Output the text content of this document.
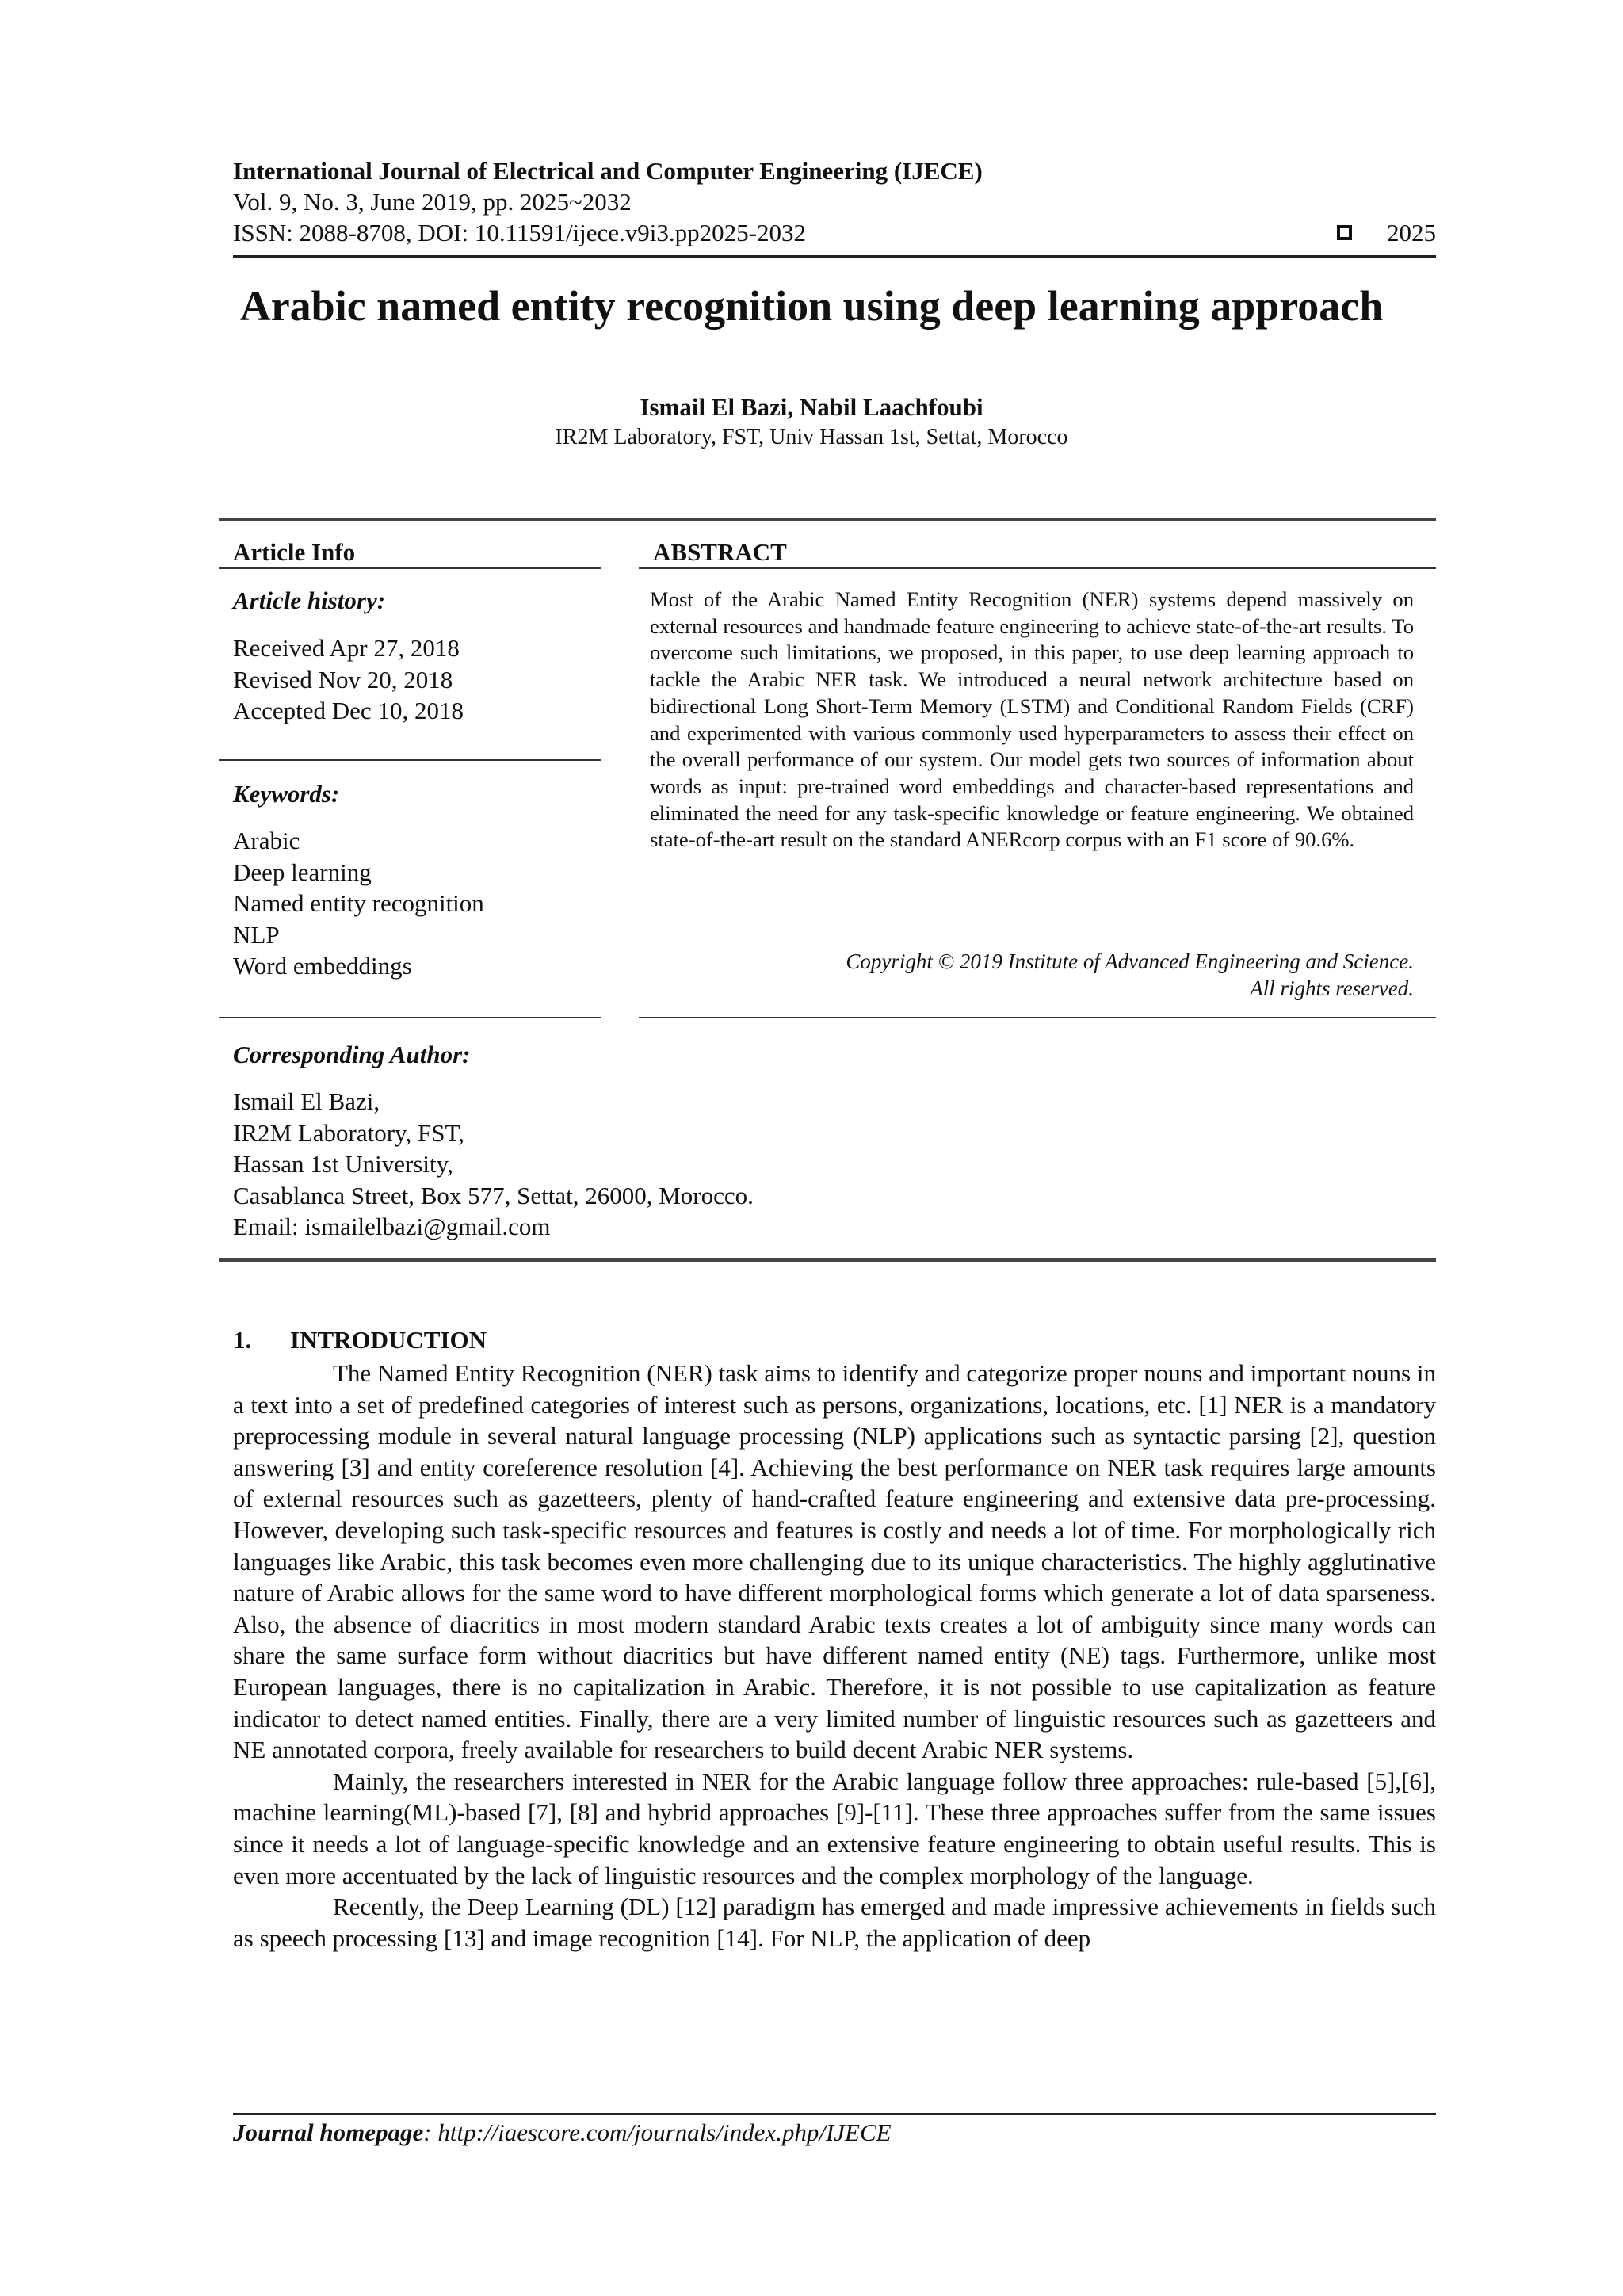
International Journal of Electrical and Computer Engineering (IJECE)
Vol. 9, No. 3, June 2019, pp. 2025~2032
ISSN: 2088-8708, DOI: 10.11591/ijece.v9i3.pp2025-2032	2025
Arabic named entity recognition using deep learning approach
Ismail El Bazi, Nabil Laachfoubi
IR2M Laboratory, FST, Univ Hassan 1st, Settat, Morocco
Article Info
Article history:
Received Apr 27, 2018
Revised Nov 20, 2018
Accepted Dec 10, 2018
Keywords:
Arabic
Deep learning
Named entity recognition
NLP
Word embeddings
ABSTRACT
Most of the Arabic Named Entity Recognition (NER) systems depend massively on external resources and handmade feature engineering to achieve state-of-the-art results. To overcome such limitations, we proposed, in this paper, to use deep learning approach to tackle the Arabic NER task. We introduced a neural network architecture based on bidirectional Long Short-Term Memory (LSTM) and Conditional Random Fields (CRF) and experimented with various commonly used hyperparameters to assess their effect on the overall performance of our system. Our model gets two sources of information about words as input: pre-trained word embeddings and character-based representations and eliminated the need for any task-specific knowledge or feature engineering. We obtained state-of-the-art result on the standard ANERcorp corpus with an F1 score of 90.6%.
Copyright © 2019 Institute of Advanced Engineering and Science.
All rights reserved.
Corresponding Author:
Ismail El Bazi,
IR2M Laboratory, FST,
Hassan 1st University,
Casablanca Street, Box 577, Settat, 26000, Morocco.
Email: ismailelbazi@gmail.com
1. INTRODUCTION

The Named Entity Recognition (NER) task aims to identify and categorize proper nouns and important nouns in a text into a set of predefined categories of interest such as persons, organizations, locations, etc. [1] NER is a mandatory preprocessing module in several natural language processing (NLP) applications such as syntactic parsing [2], question answering [3] and entity coreference resolution [4]. Achieving the best performance on NER task requires large amounts of external resources such as gazetteers, plenty of hand-crafted feature engineering and extensive data pre-processing. However, developing such task-specific resources and features is costly and needs a lot of time. For morphologically rich languages like Arabic, this task becomes even more challenging due to its unique characteristics. The highly agglutinative nature of Arabic allows for the same word to have different morphological forms which generate a lot of data sparseness. Also, the absence of diacritics in most modern standard Arabic texts creates a lot of ambiguity since many words can share the same surface form without diacritics but have different named entity (NE) tags. Furthermore, unlike most European languages, there is no capitalization in Arabic. Therefore, it is not possible to use capitalization as feature indicator to detect named entities. Finally, there are a very limited number of linguistic resources such as gazetteers and NE annotated corpora, freely available for researchers to build decent Arabic NER systems.

Mainly, the researchers interested in NER for the Arabic language follow three approaches: rule-based [5],[6], machine learning(ML)-based [7], [8] and hybrid approaches [9]-[11]. These three approaches suffer from the same issues since it needs a lot of language-specific knowledge and an extensive feature engineering to obtain useful results. This is even more accentuated by the lack of linguistic resources and the complex morphology of the language.

Recently, the Deep Learning (DL) [12] paradigm has emerged and made impressive achievements in fields such as speech processing [13] and image recognition [14]. For NLP, the application of deep

Journal homepage: http://iaescore.com/journals/index.php/IJECE
